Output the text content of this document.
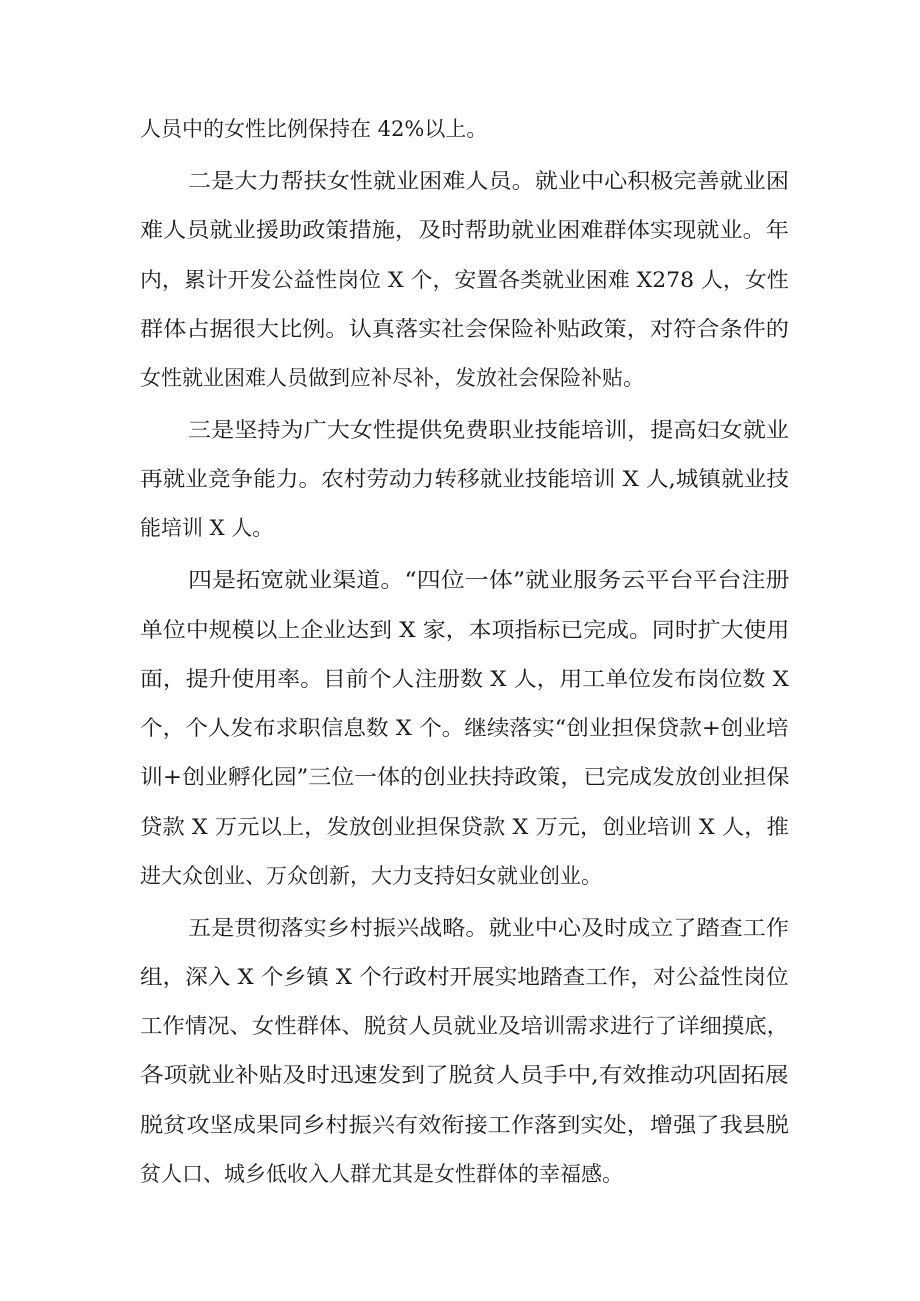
人员中的女性比例保持在 42%以上。
二是大力帮扶女性就业困难人员。就业中心积极完善就业困
难人员就业援助政策措施，及时帮助就业困难群体实现就业。年
内，累计开发公益性岗位 X 个，安置各类就业困难 X278 人，女性
群体占据很大比例。认真落实社会保险补贴政策，对符合条件的
女性就业困难人员做到应补尽补，发放社会保险补贴。
三是坚持为广大女性提供免费职业技能培训，提高妇女就业
再就业竞争能力。农村劳动力转移就业技能培训 X 人,城镇就业技
能培训 X 人。
四是拓宽就业渠道。“四位一体”就业服务云平台平台注册
单位中规模以上企业达到 X 家，本项指标已完成。同时扩大使用
面，提升使用率。目前个人注册数 X 人，用工单位发布岗位数 X
个，个人发布求职信息数 X 个。继续落实“创业担保贷款+创业培
训+创业孵化园”三位一体的创业扶持政策，已完成发放创业担保
贷款 X 万元以上，发放创业担保贷款 X 万元，创业培训 X 人，推
进大众创业、万众创新，大力支持妇女就业创业。
五是贯彻落实乡村振兴战略。就业中心及时成立了踏查工作
组，深入 X 个乡镇 X 个行政村开展实地踏查工作，对公益性岗位
工作情况、女性群体、脱贫人员就业及培训需求进行了详细摸底，
各项就业补贴及时迅速发到了脱贫人员手中,有效推动巩固拓展
脱贫攻坚成果同乡村振兴有效衔接工作落到实处，增强了我县脱
贫人口、城乡低收入人群尤其是女性群体的幸福感。
